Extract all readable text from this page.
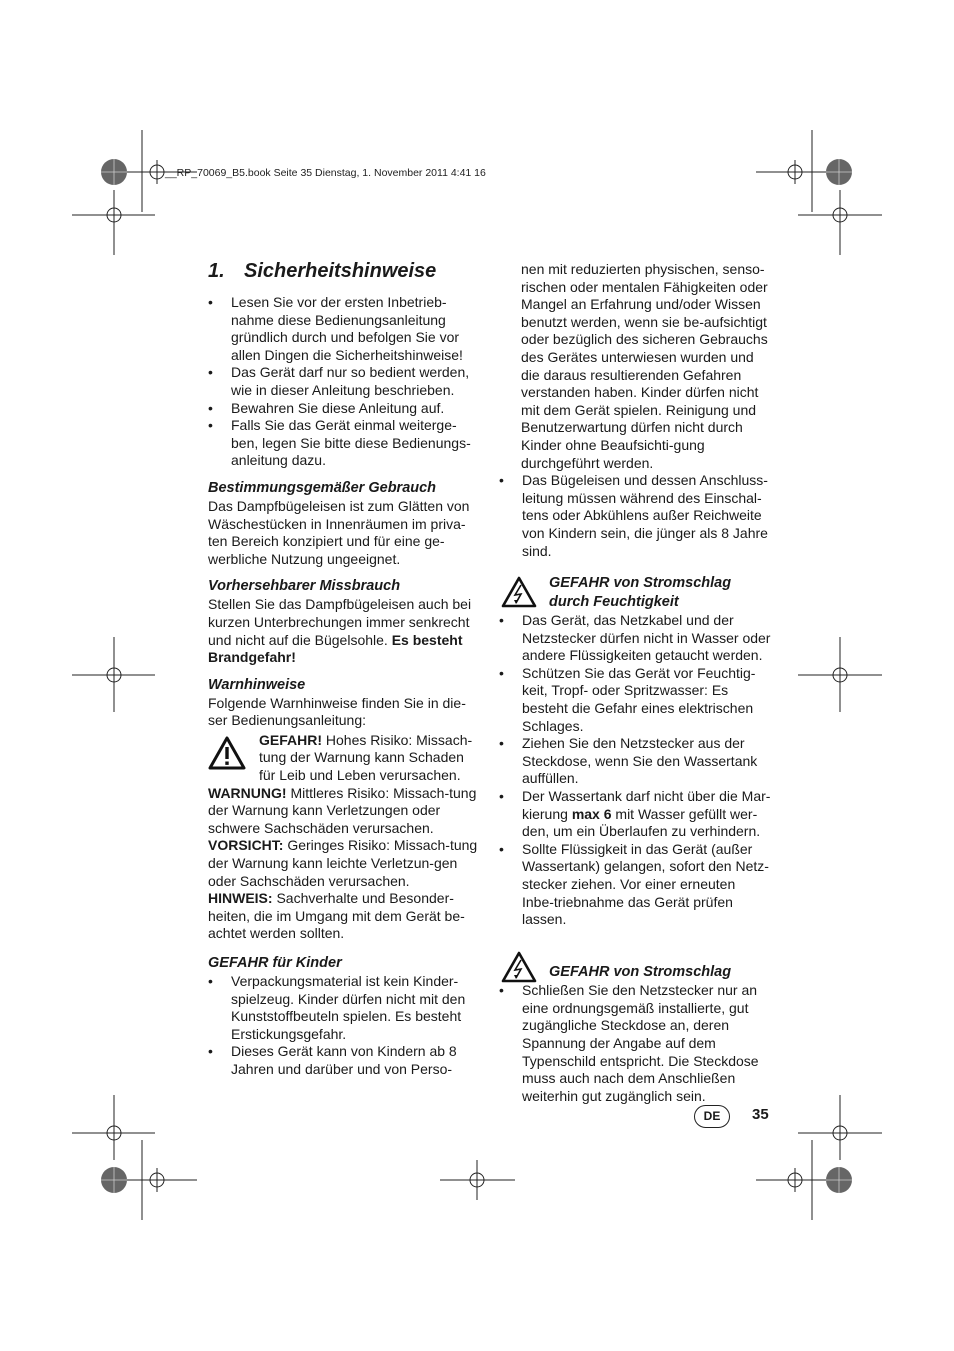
__RP_70069_B5.book Seite 35 Dienstag, 1. November 2011 4:41 16
1. Sicherheitshinweise
• Lesen Sie vor der ersten Inbetrieb-nahme diese Bedienungsanleitung gründlich durch und befolgen Sie vor allen Dingen die Sicherheitshinweise!
• Das Gerät darf nur so bedient werden, wie in dieser Anleitung beschrieben.
• Bewahren Sie diese Anleitung auf.
• Falls Sie das Gerät einmal weiterge-ben, legen Sie bitte diese Bedienungs-anleitung dazu.
Bestimmungsgemäßer Gebrauch

Das Dampfbügeleisen ist zum Glätten von Wäschestücken in Innenräumen im priva-ten Bereich konzipiert und für eine ge-werbliche Nutzung ungeeignet.

Vorhersehbarer Missbrauch

Stellen Sie das Dampfbügeleisen auch bei kurzen Unterbrechungen immer senkrecht und nicht auf die Bügelsohle. Es besteht Brandgefahr!

Warnhinweise

Folgende Warnhinweise finden Sie in die-ser Bedienungsanleitung:

GEFAHR! Hohes Risiko: Missach-tung der Warnung kann Schaden für Leib und Leben verursachen.

WARNUNG! Mittleres Risiko: Missach-tung der Warnung kann Verletzungen oder schwere Sachschäden verursachen.

VORSICHT: Geringes Risiko: Missach-tung der Warnung kann leichte Verletzun-gen oder Sachschäden verursachen.

HINWEIS: Sachverhalte und Besonder-heiten, die im Umgang mit dem Gerät be-achtet werden sollten.

GEFAHR für Kinder
• Verpackungsmaterial ist kein Kinder-spielzeug. Kinder dürfen nicht mit den Kunststoffbeuteln spielen. Es besteht Erstickungsgefahr.
• Dieses Gerät kann von Kindern ab 8 Jahren und darüber und von Perso-

nen mit reduzierten physischen, senso-rischen oder mentalen Fähigkeiten oder Mangel an Erfahrung und/oder Wissen benutzt werden, wenn sie be-aufsichtigt oder bezüglich des sicheren Gebrauchs des Gerätes unterwiesen wurden und die daraus resultierenden Gefahren verstanden haben. Kinder dürfen nicht mit dem Gerät spielen. Reinigung und Benutzerwartung dürfen nicht durch Kinder ohne Beaufsichti-gung durchgeführt werden.

• Das Bügeleisen und dessen Anschluss-leitung müssen während des Einschal-tens oder Abkühlens außer Reichweite von Kindern sein, die jünger als 8 Jahre sind.
GEFAHR von Stromschlag
durch Feuchtigkeit
• Das Gerät, das Netzkabel und der Netzstecker dürfen nicht in Wasser oder andere Flüssigkeiten getaucht werden.
• Schützen Sie das Gerät vor Feuchtig-keit, Tropf- oder Spritzwasser: Es besteht die Gefahr eines elektrischen Schlages.
• Ziehen Sie den Netzstecker aus der Steckdose, wenn Sie den Wassertank auffüllen.
• Der Wassertank darf nicht über die Mar-kierung max 6 mit Wasser gefüllt wer-den, um ein Überlaufen zu verhindern.
• Sollte Flüssigkeit in das Gerät (außer Wassertank) gelangen, sofort den Netz-stecker ziehen. Vor einer erneuten Inbe-triebnahme das Gerät prüfen lassen.
GEFAHR von Stromschlag
• Schließen Sie den Netzstecker nur an eine ordnungsgemäß installierte, gut zugängliche Steckdose an, deren Spannung der Angabe auf dem Typenschild entspricht. Die Steckdose muss auch nach dem Anschließen weiterhin gut zugänglich sein.
DE	35
